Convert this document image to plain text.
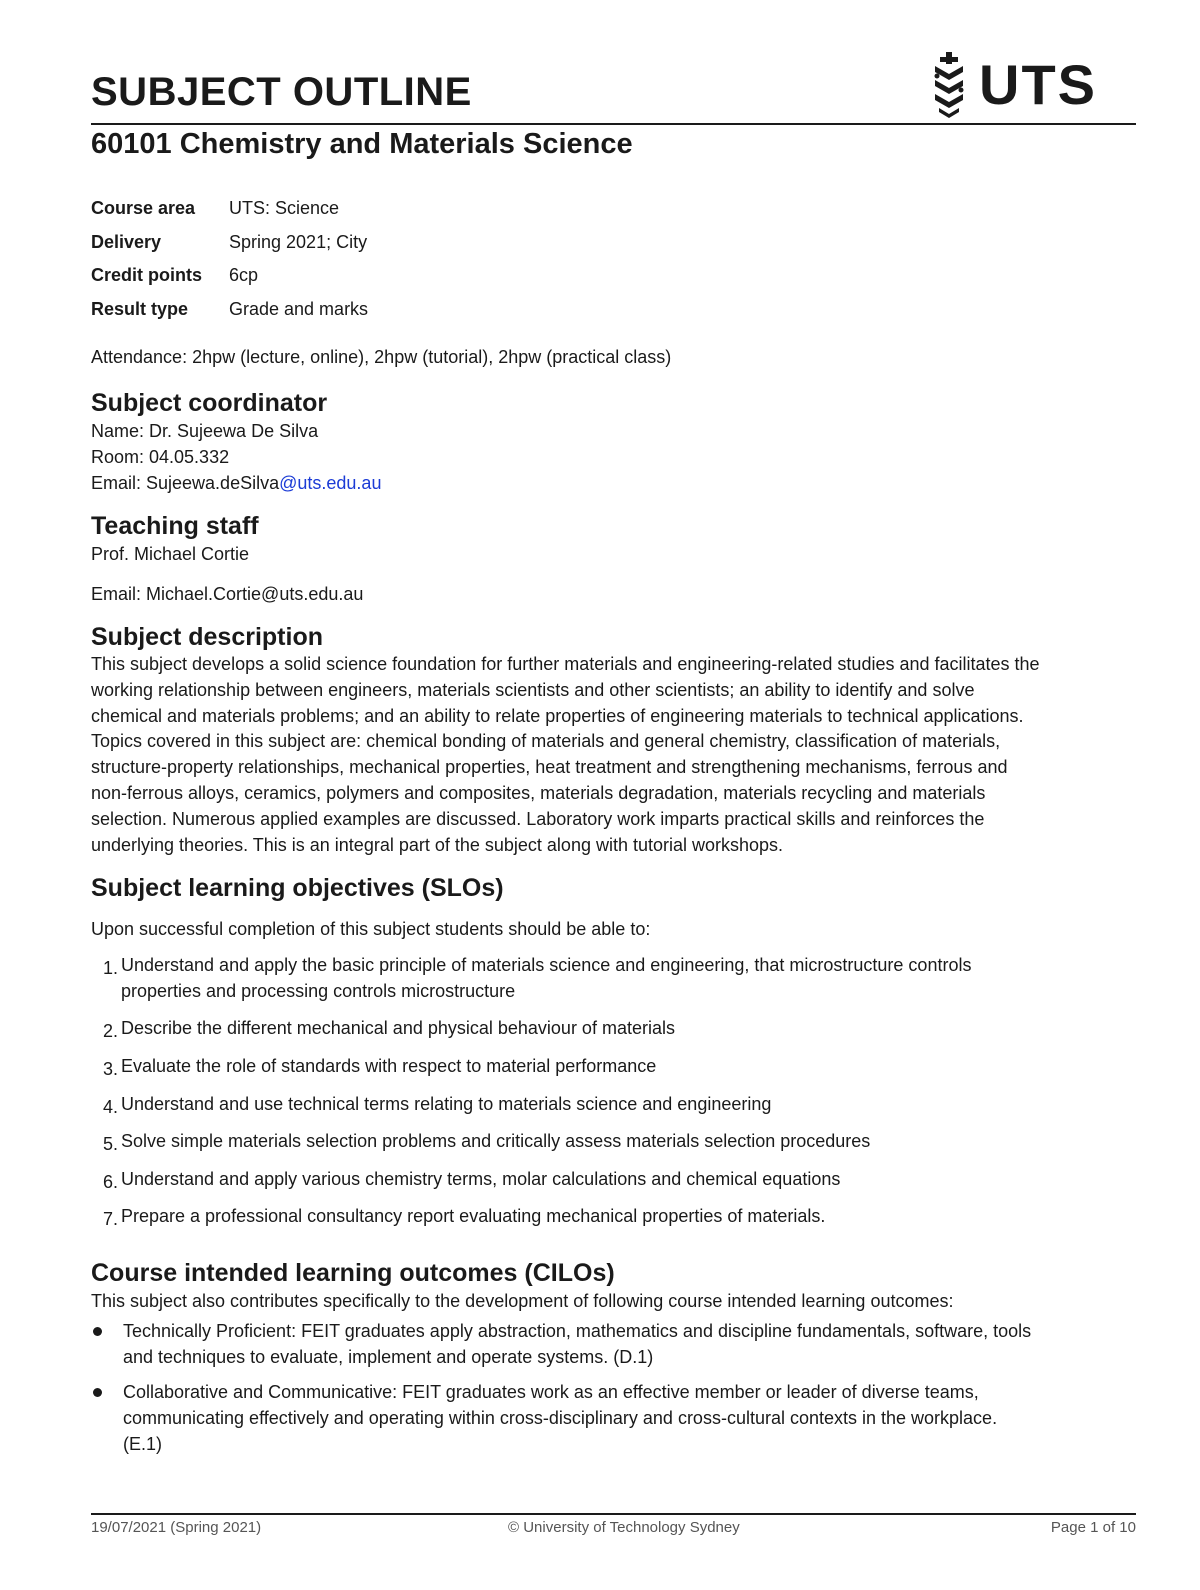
SUBJECT OUTLINE	UTS
60101 Chemistry and Materials Science
Course area	UTS: Science
Delivery	Spring 2021; City
Credit points	6cp
Result type	Grade and marks
Attendance: 2hpw (lecture, online), 2hpw (tutorial), 2hpw (practical class)
Subject coordinator
Name: Dr. Sujeewa De Silva
Room: 04.05.332
Email: Sujeewa.deSilva@uts.edu.au
Teaching staff
Prof. Michael Cortie
Email: Michael.Cortie@uts.edu.au
Subject description

This subject develops a solid science foundation for further materials and engineering-related studies and facilitates the
working relationship between engineers, materials scientists and other scientists; an ability to identify and solve
chemical and materials problems; and an ability to relate properties of engineering materials to technical applications.
Topics covered in this subject are: chemical bonding of materials and general chemistry, classification of materials,
structure-property relationships, mechanical properties, heat treatment and strengthening mechanisms, ferrous and
non-ferrous alloys, ceramics, polymers and composites, materials degradation, materials recycling and materials
selection. Numerous applied examples are discussed. Laboratory work imparts practical skills and reinforces the
underlying theories. This is an integral part of the subject along with tutorial workshops.

Subject learning objectives (SLOs)
Upon successful completion of this subject students should be able to:
1. Understand and apply the basic principle of materials science and engineering, that microstructure controls
properties and processing controls microstructure
2. Describe the different mechanical and physical behaviour of materials
3. Evaluate the role of standards with respect to material performance
4. Understand and use technical terms relating to materials science and engineering
5. Solve simple materials selection problems and critically assess materials selection procedures
6. Understand and apply various chemistry terms, molar calculations and chemical equations
7. Prepare a professional consultancy report evaluating mechanical properties of materials.
Course intended learning outcomes (CILOs)
This subject also contributes specifically to the development of following course intended learning outcomes:
Technically Proficient: FEIT graduates apply abstraction, mathematics and discipline fundamentals, software, tools
and techniques to evaluate, implement and operate systems. (D.1)
Collaborative and Communicative: FEIT graduates work as an effective member or leader of diverse teams,
communicating effectively and operating within cross-disciplinary and cross-cultural contexts in the workplace.
(E.1)
19/07/2021 (Spring 2021)	© University of Technology Sydney	Page 1 of 10
